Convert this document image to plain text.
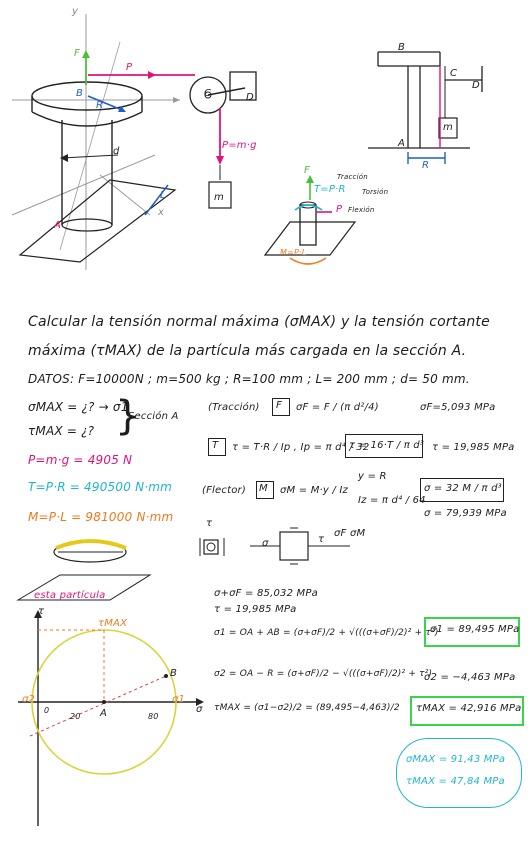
y
x
F
P
B
R
d
A
L
C	D
P=m·g
m
B
C
D
A
R
m
F
T=P·R
Tracción
Torsión
P Flexión
M=P·L
Calcular la tensión normal máxima (σMAX) y la tensión cortante
máxima (τMAX) de la partícula más cargada en la sección A.
DATOS: F=10000N ; m=500 kg ; R=100 mm ; L= 200 mm ; d= 50 mm.
σMAX = ¿? → σ1
τMAX = ¿? }
Sección A
P=m·g = 4905 N
T=P·R = 490500 N·mm
M=P·L = 981000 N·mm
(Tracción) F σF = F / (π d²/4)	σF=5,093 MPa
T τ = T·R / Ip , Ip = π d⁴ / 32
τ = 16·T / π d³ τ = 19,985 MPa
(Flector) M σM = M·y / Iz
y = R
Iz = π d⁴ / 64
σ = 32 M / π d³
σ = 79,939 MPa
τ
τ
σF σM
σ
esta partícula
τ
σ
τMAX
B
A
σ2	σ1
0
20	80
σ+σF = 85,032 MPa
τ = 19,985 MPa
σ1 = OA + AB = (σ+σF)/2 + √(((σ+σF)/2)² + τ²)
σ1 = 89,495 MPa
σ2 = OA − R = (σ+σF)/2 − √(((σ+σF)/2)² + τ²)
σ2 = −4,463 MPa
τMAX = (σ1−σ2)/2 = (89,495−4,463)/2 τMAX = 42,916 MPa
σMAX = 91,43 MPa
τMAX = 47,84 MPa
